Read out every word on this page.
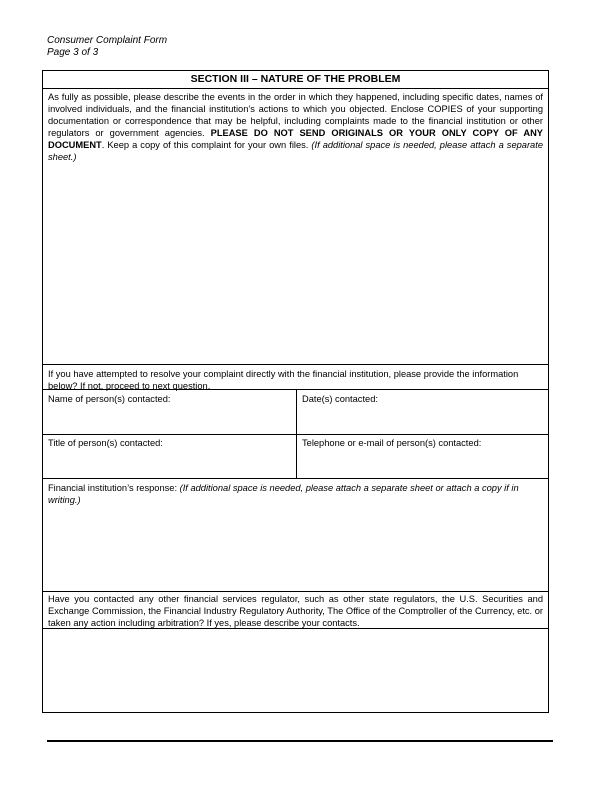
Consumer Complaint Form
Page 3 of 3
SECTION III – NATURE OF THE PROBLEM
As fully as possible, please describe the events in the order in which they happened, including specific dates, names of involved individuals, and the financial institution’s actions to which you objected. Enclose COPIES of your supporting documentation or correspondence that may be helpful, including complaints made to the financial institution or other regulators or government agencies. PLEASE DO NOT SEND ORIGINALS OR YOUR ONLY COPY OF ANY DOCUMENT. Keep a copy of this complaint for your own files. (If additional space is needed, please attach a separate sheet.)
If you have attempted to resolve your complaint directly with the financial institution, please provide the information below? If not, proceed to next question.
Name of person(s) contacted:	Date(s) contacted:
Title of person(s) contacted:	Telephone or e-mail of person(s) contacted:
Financial institution’s response: (If additional space is needed, please attach a separate sheet or attach a copy if in writing.)
Have you contacted any other financial services regulator, such as other state regulators, the U.S. Securities and Exchange Commission, the Financial Industry Regulatory Authority, The Office of the Comptroller of the Currency, etc. or taken any action including arbitration? If yes, please describe your contacts.
